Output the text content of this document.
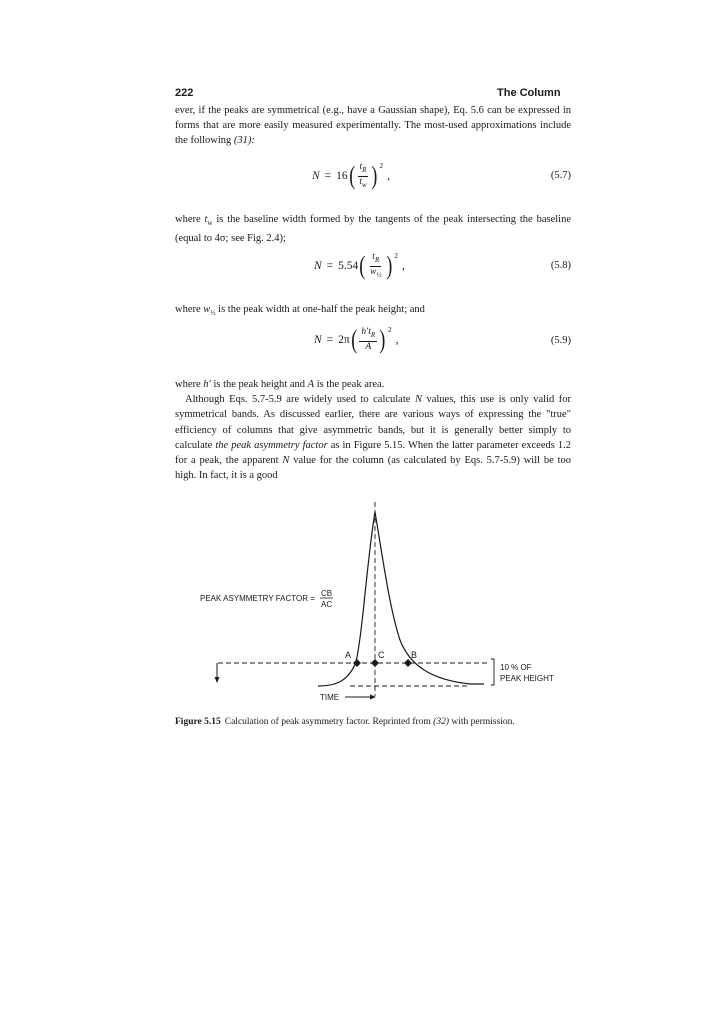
222	The Column
ever, if the peaks are symmetrical (e.g., have a Gaussian shape), Eq. 5.6 can be expressed in forms that are more easily measured experimentally. The most-used approximations include the following (31):
N = 16 ( $\frac{t_R}{t_w}$ ) 2
,	(5.7)
where $t_w$ is the baseline width formed by the tangents of the peak intersecting the baseline (equal to 4σ; see Fig. 2.4);
N = 5.54 ( $\frac{t_R}{w_{\frac{1}{2}}}$ ) 2
,	(5.8)
where $w_{\frac{1}{2}}$ is the peak width at one-half the peak height; and
N = 2π ( $\frac{h't_R}{A}$ ) 2
,	(5.9)
where h′ is the peak height and A is the peak area.
Although Eqs. 5.7-5.9 are widely used to calculate N values, this use is only valid for symmetrical bands. As discussed earlier, there are various ways of expressing the "true" efficiency of columns that give asymmetric bands, but it is generally better simply to calculate the peak asymmetry factor as in Figure 5.15. When the latter parameter exceeds 1.2 for a peak, the apparent N value for the column (as calculated by Eqs. 5.7-5.9) will be too high. In fact, it is a good
A	C	B
PEAK ASYMMETRY FACTOR =
CB
AC
10 % OF
PEAK HEIGHT
TIME
Figure 5.15 Calculation of peak asymmetry factor. Reprinted from (32) with permission.
